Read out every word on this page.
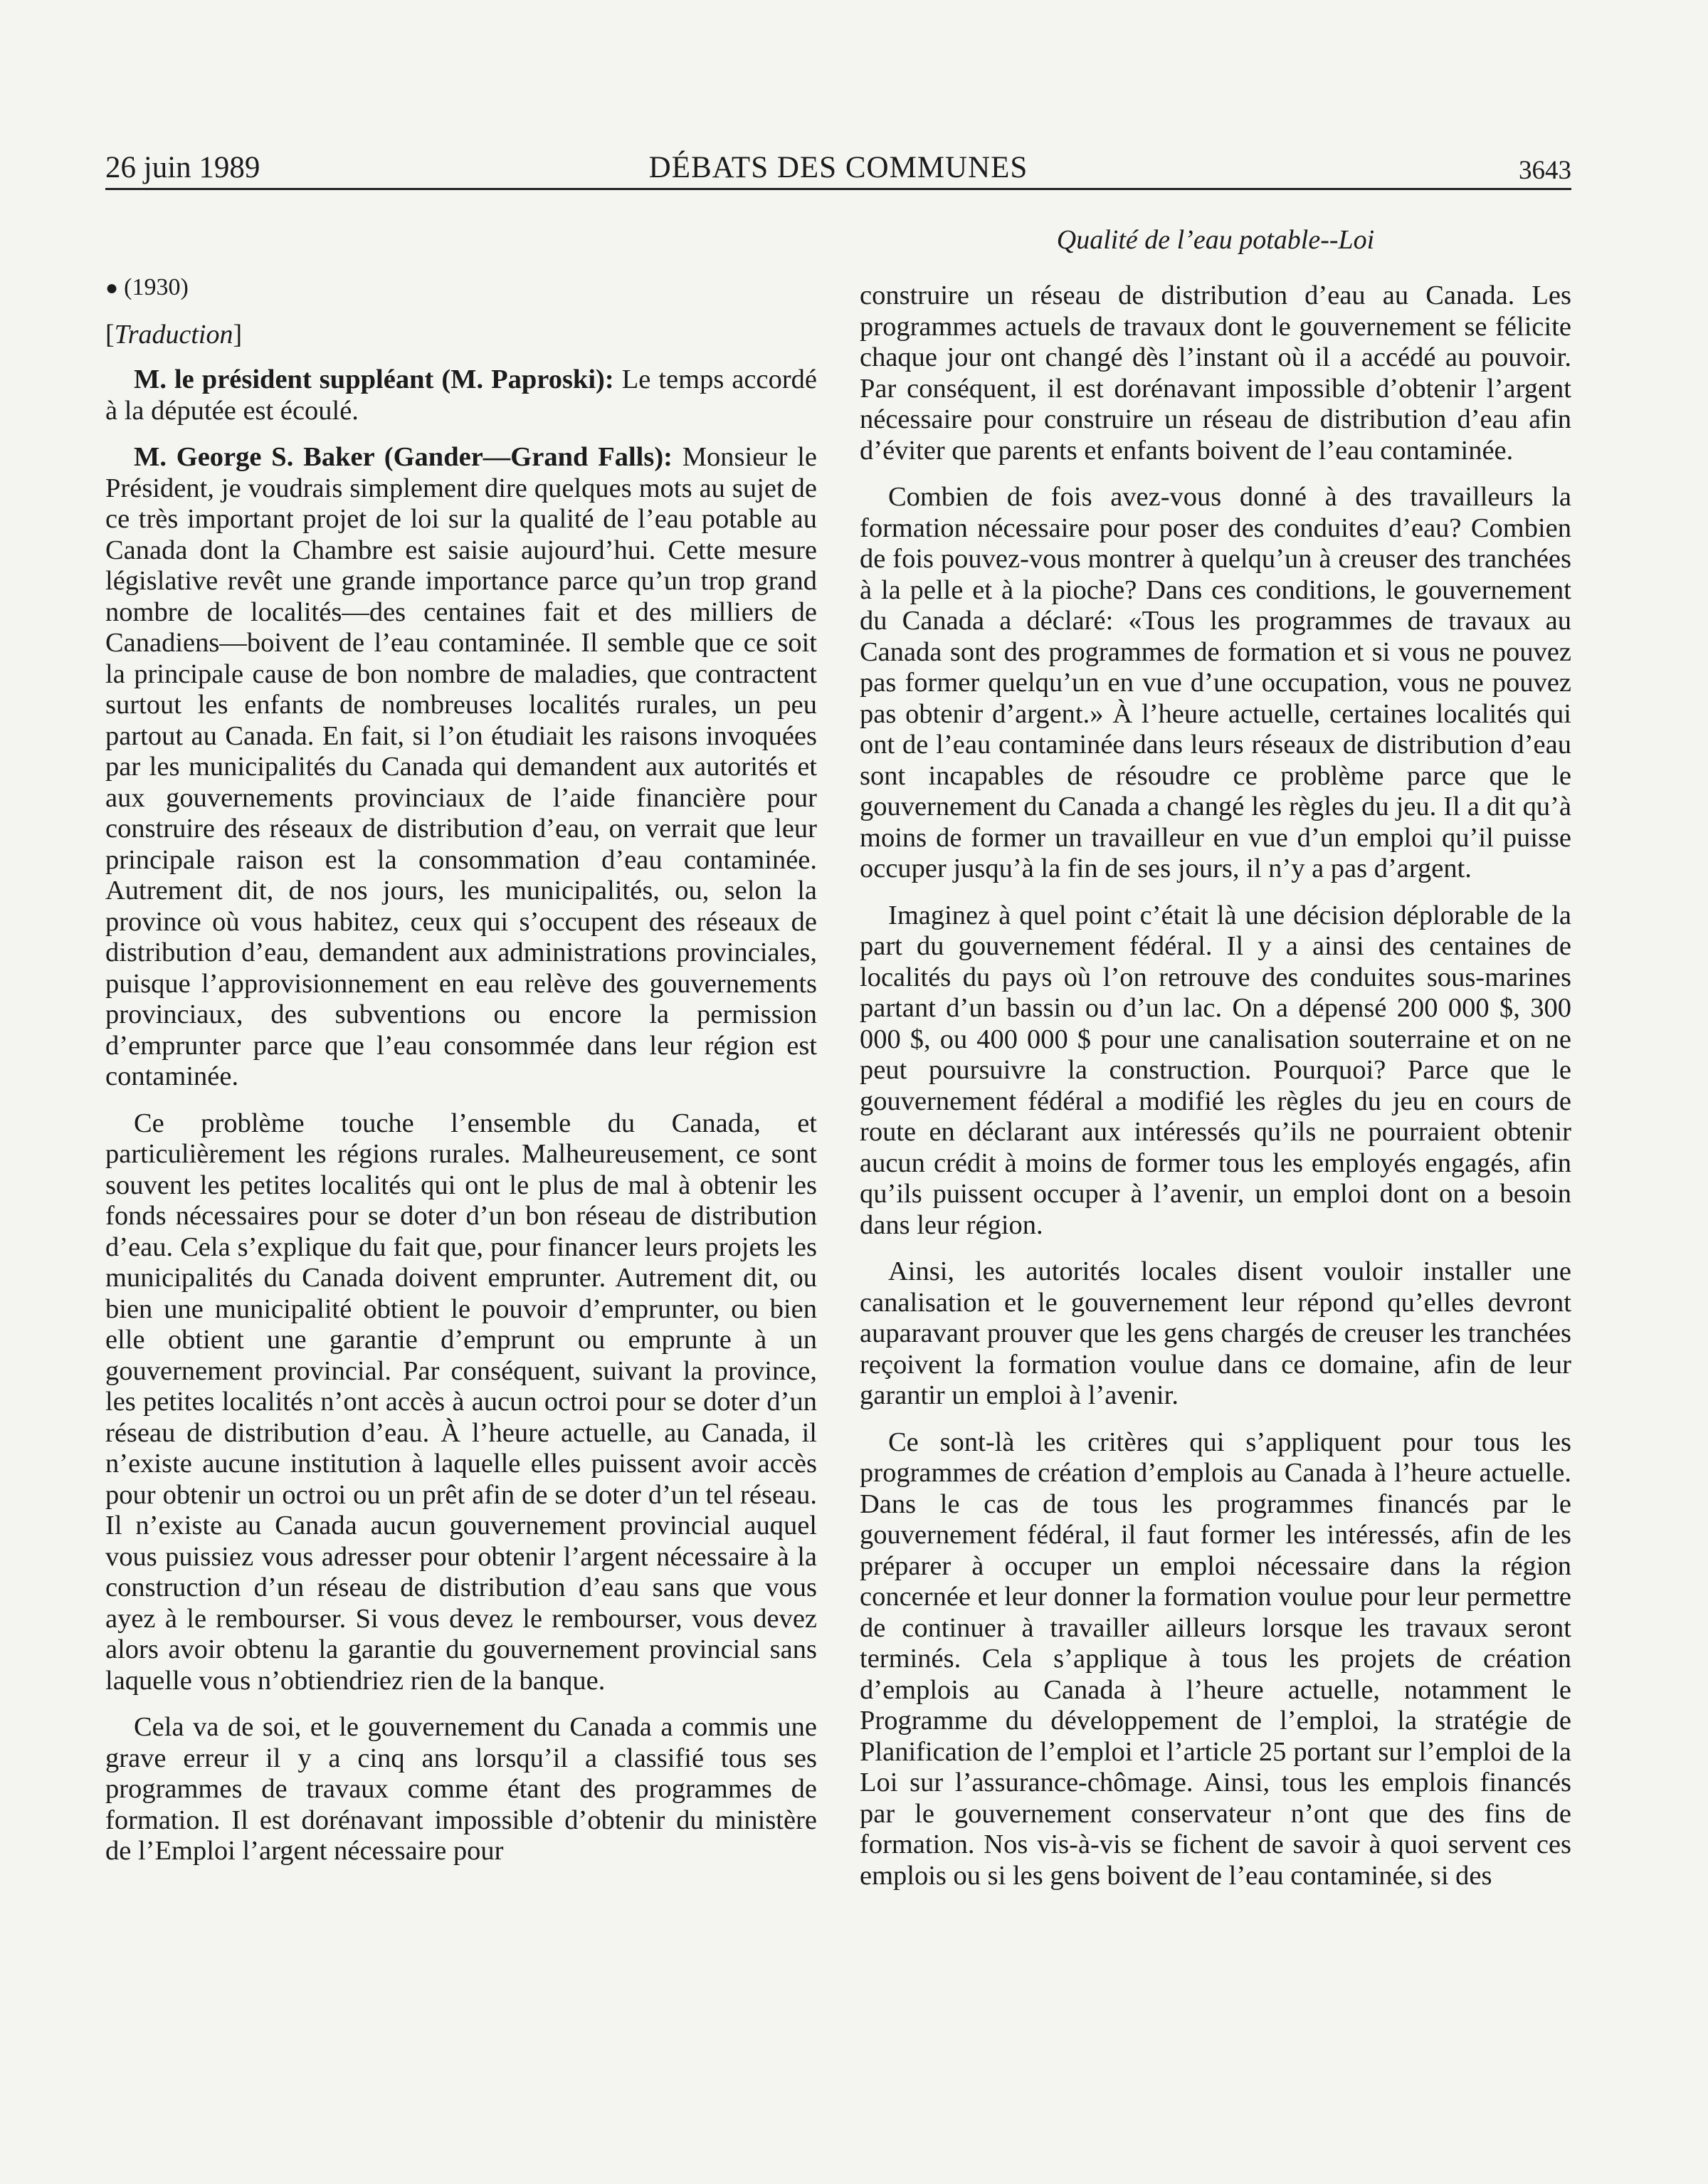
26 juin 1989	DÉBATS DES COMMUNES	3643
Qualité de l’eau potable--Loi
● (1930)
[Traduction]

M. le président suppléant (M. Paproski): Le temps accordé à la députée est écoulé.

M. George S. Baker (Gander—Grand Falls): Monsieur le Président, je voudrais simplement dire quelques mots au sujet de ce très important projet de loi sur la qualité de l’eau potable au Canada dont la Chambre est saisie aujourd’hui. Cette mesure législative revêt une grande importance parce qu’un trop grand nombre de localités—des centaines fait et des milliers de Canadiens—boivent de l’eau contaminée. Il semble que ce soit la principale cause de bon nombre de maladies, que contractent surtout les enfants de nombreuses localités rurales, un peu partout au Canada. En fait, si l’on étudiait les raisons invoquées par les municipalités du Canada qui demandent aux autorités et aux gouvernements provinciaux de l’aide financière pour construire des réseaux de distribution d’eau, on verrait que leur principale raison est la consommation d’eau contaminée. Autrement dit, de nos jours, les municipalités, ou, selon la province où vous habitez, ceux qui s’occupent des réseaux de distribution d’eau, demandent aux administrations provinciales, puisque l’approvisionnement en eau relève des gouvernements provinciaux, des subventions ou encore la permission d’emprunter parce que l’eau consommée dans leur région est contaminée.

Ce problème touche l’ensemble du Canada, et particulièrement les régions rurales. Malheureusement, ce sont souvent les petites localités qui ont le plus de mal à obtenir les fonds nécessaires pour se doter d’un bon réseau de distribution d’eau. Cela s’explique du fait que, pour financer leurs projets les municipalités du Canada doivent emprunter. Autrement dit, ou bien une municipalité obtient le pouvoir d’emprunter, ou bien elle obtient une garantie d’emprunt ou emprunte à un gouvernement provincial. Par conséquent, suivant la province, les petites localités n’ont accès à aucun octroi pour se doter d’un réseau de distribution d’eau. À l’heure actuelle, au Canada, il n’existe aucune institution à laquelle elles puissent avoir accès pour obtenir un octroi ou un prêt afin de se doter d’un tel réseau. Il n’existe au Canada aucun gouvernement provincial auquel vous puissiez vous adresser pour obtenir l’argent nécessaire à la construction d’un réseau de distribution d’eau sans que vous ayez à le rembourser. Si vous devez le rembourser, vous devez alors avoir obtenu la garantie du gouvernement provincial sans laquelle vous n’obtiendriez rien de la banque.

Cela va de soi, et le gouvernement du Canada a commis une grave erreur il y a cinq ans lorsqu’il a classifié tous ses programmes de travaux comme étant des programmes de formation. Il est dorénavant impossible d’obtenir du ministère de l’Emploi l’argent nécessaire pour

construire un réseau de distribution d’eau au Canada. Les programmes actuels de travaux dont le gouvernement se félicite chaque jour ont changé dès l’instant où il a accédé au pouvoir. Par conséquent, il est dorénavant impossible d’obtenir l’argent nécessaire pour construire un réseau de distribution d’eau afin d’éviter que parents et enfants boivent de l’eau contaminée.

Combien de fois avez-vous donné à des travailleurs la formation nécessaire pour poser des conduites d’eau? Combien de fois pouvez-vous montrer à quelqu’un à creuser des tranchées à la pelle et à la pioche? Dans ces conditions, le gouvernement du Canada a déclaré: «Tous les programmes de travaux au Canada sont des programmes de formation et si vous ne pouvez pas former quelqu’un en vue d’une occupation, vous ne pouvez pas obtenir d’argent.» À l’heure actuelle, certaines localités qui ont de l’eau contaminée dans leurs réseaux de distribution d’eau sont incapables de résoudre ce problème parce que le gouvernement du Canada a changé les règles du jeu. Il a dit qu’à moins de former un travailleur en vue d’un emploi qu’il puisse occuper jusqu’à la fin de ses jours, il n’y a pas d’argent.

Imaginez à quel point c’était là une décision déplorable de la part du gouvernement fédéral. Il y a ainsi des centaines de localités du pays où l’on retrouve des conduites sous-marines partant d’un bassin ou d’un lac. On a dépensé 200 000 $, 300 000 $, ou 400 000 $ pour une canalisation souterraine et on ne peut poursuivre la construction. Pourquoi? Parce que le gouvernement fédéral a modifié les règles du jeu en cours de route en déclarant aux intéressés qu’ils ne pourraient obtenir aucun crédit à moins de former tous les employés engagés, afin qu’ils puissent occuper à l’avenir, un emploi dont on a besoin dans leur région.

Ainsi, les autorités locales disent vouloir installer une canalisation et le gouvernement leur répond qu’elles devront auparavant prouver que les gens chargés de creuser les tranchées reçoivent la formation voulue dans ce domaine, afin de leur garantir un emploi à l’avenir.

Ce sont-là les critères qui s’appliquent pour tous les programmes de création d’emplois au Canada à l’heure actuelle. Dans le cas de tous les programmes financés par le gouvernement fédéral, il faut former les intéressés, afin de les préparer à occuper un emploi nécessaire dans la région concernée et leur donner la formation voulue pour leur permettre de continuer à travailler ailleurs lorsque les travaux seront terminés. Cela s’applique à tous les projets de création d’emplois au Canada à l’heure actuelle, notamment le Programme du développement de l’emploi, la stratégie de Planification de l’emploi et l’article 25 portant sur l’emploi de la Loi sur l’assurance-chômage. Ainsi, tous les emplois financés par le gouvernement conservateur n’ont que des fins de formation. Nos vis-à-vis se fichent de savoir à quoi servent ces emplois ou si les gens boivent de l’eau contaminée, si des
